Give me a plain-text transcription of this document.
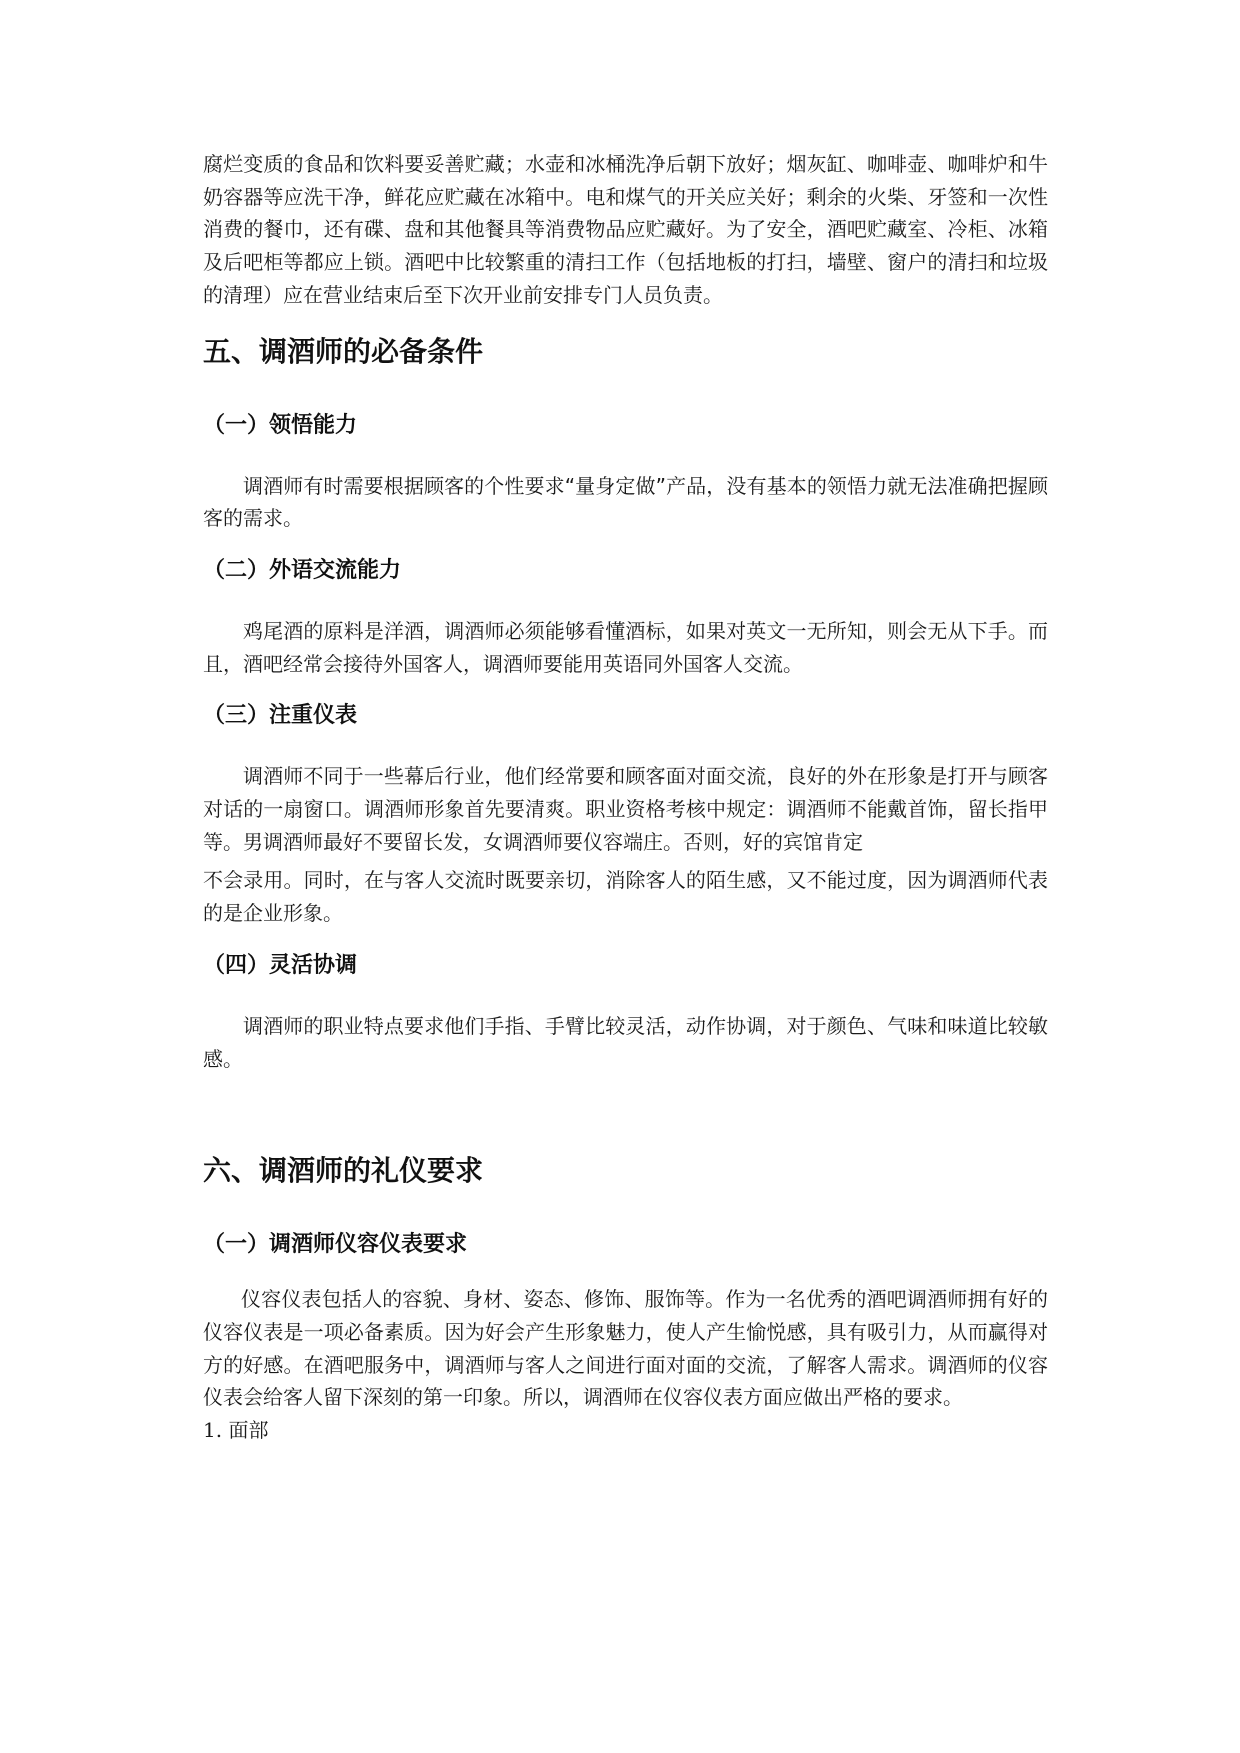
腐烂变质的食品和饮料要妥善贮藏；水壶和冰桶洗净后朝下放好；烟灰缸、咖啡壶、咖啡炉和牛奶容器等应洗干净，鲜花应贮藏在冰箱中。电和煤气的开关应关好；剩余的火柴、牙签和一次性消费的餐巾，还有碟、盘和其他餐具等消费物品应贮藏好。为了安全，酒吧贮藏室、冷柜、冰箱及后吧柜等都应上锁。酒吧中比较繁重的清扫工作（包括地板的打扫，墙壁、窗户的清扫和垃圾的清理）应在营业结束后至下次开业前安排专门人员负责。

五、调酒师的必备条件
（一）领悟能力

调酒师有时需要根据顾客的个性要求“量身定做”产品，没有基本的领悟力就无法准确把握顾客的需求。

（二）外语交流能力

鸡尾酒的原料是洋酒，调酒师必须能够看懂酒标，如果对英文一无所知，则会无从下手。而且，酒吧经常会接待外国客人，调酒师要能用英语同外国客人交流。

（三）注重仪表

调酒师不同于一些幕后行业，他们经常要和顾客面对面交流，良好的外在形象是打开与顾客对话的一扇窗口。调酒师形象首先要清爽。职业资格考核中规定：调酒师不能戴首饰，留长指甲等。男调酒师最好不要留长发，女调酒师要仪容端庄。否则，好的宾馆肯定

不会录用。同时，在与客人交流时既要亲切，消除客人的陌生感，又不能过度，因为调酒师代表的是企业形象。

（四）灵活协调

调酒师的职业特点要求他们手指、手臂比较灵活，动作协调，对于颜色、气味和味道比较敏感。

六、调酒师的礼仪要求
（一）调酒师仪容仪表要求

仪容仪表包括人的容貌、身材、姿态、修饰、服饰等。作为一名优秀的酒吧调酒师拥有好的仪容仪表是一项必备素质。因为好会产生形象魅力，使人产生愉悦感，具有吸引力，从而赢得对方的好感。在酒吧服务中，调酒师与客人之间进行面对面的交流，了解客人需求。调酒师的仪容仪表会给客人留下深刻的第一印象。所以，调酒师在仪容仪表方面应做出严格的要求。

1. 面部
